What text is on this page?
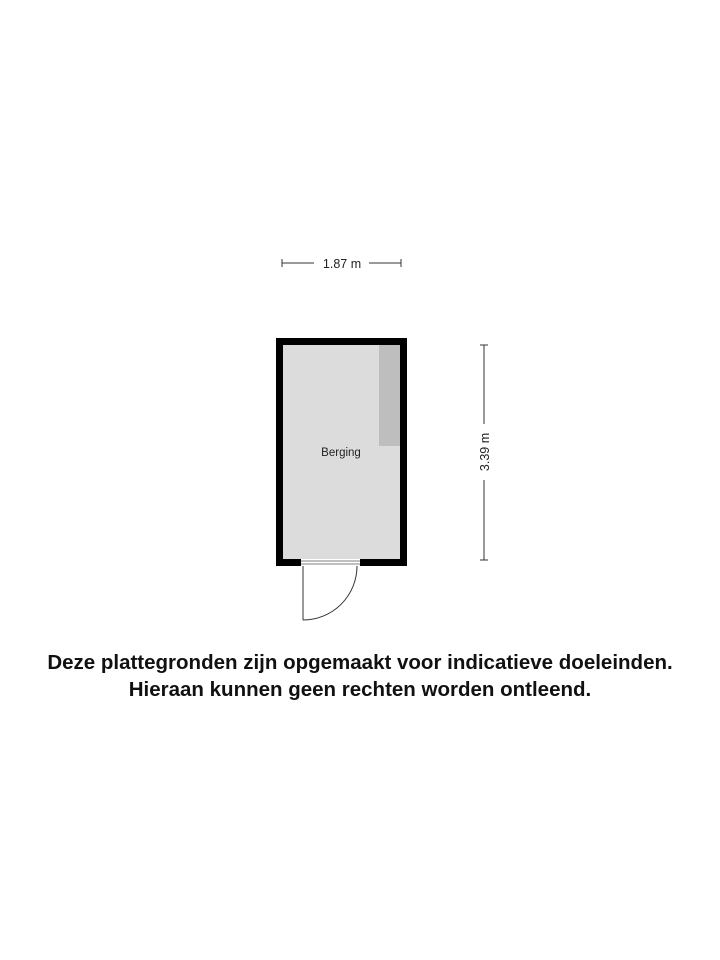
1.87 m
Berging	3.39 m
Deze plattegronden zijn opgemaakt voor indicatieve doeleinden.
Hieraan kunnen geen rechten worden ontleend.
